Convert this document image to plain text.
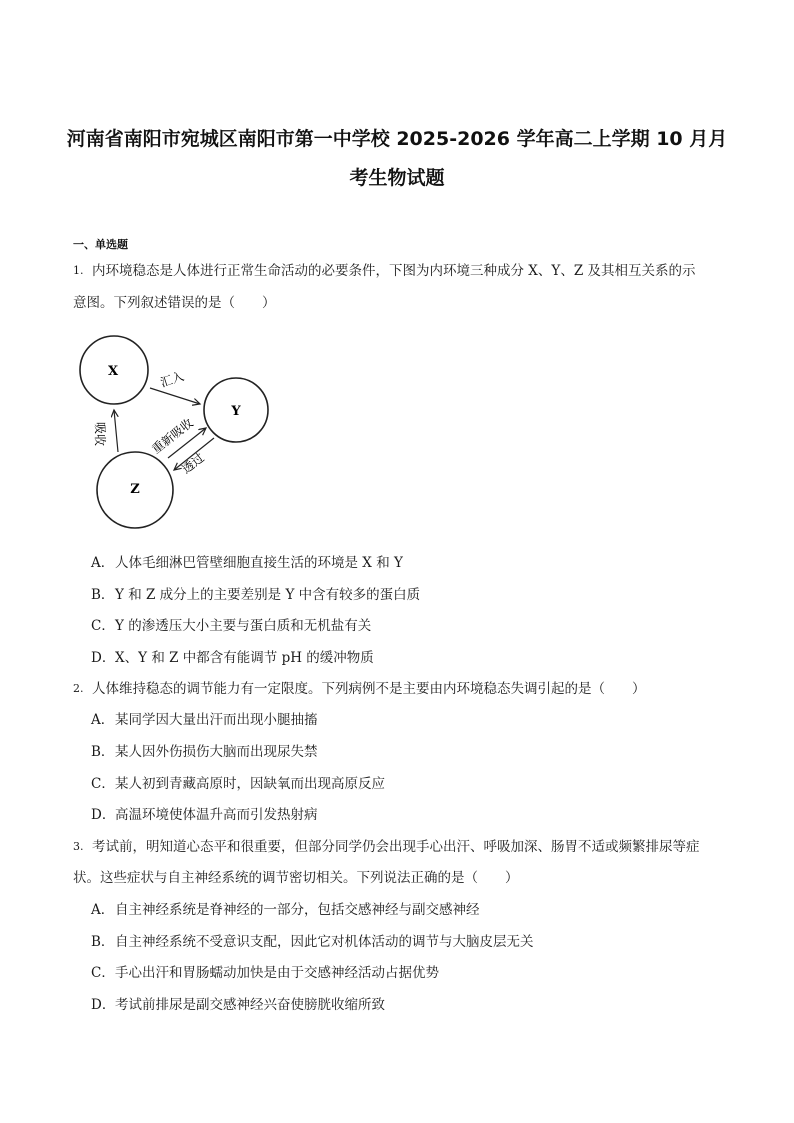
河南省南阳市宛城区南阳市第一中学校 2025-2026 学年高二上学期 10 月月
考生物试题
一、单选题
1. 内环境稳态是人体进行正常生命活动的必要条件，下图为内环境三种成分 X、Y、Z 及其相互关系的示
意图。下列叙述错误的是（　　）
X
Y
Z
汇入
吸收	重新吸收
透过
A．人体毛细淋巴管壁细胞直接生活的环境是 X 和 Y
B．Y 和 Z 成分上的主要差别是 Y 中含有较多的蛋白质
C．Y 的渗透压大小主要与蛋白质和无机盐有关
D．X、Y 和 Z 中都含有能调节 pH 的缓冲物质
2. 人体维持稳态的调节能力有一定限度。下列病例不是主要由内环境稳态失调引起的是（　　）
A．某同学因大量出汗而出现小腿抽搐
B．某人因外伤损伤大脑而出现尿失禁
C．某人初到青藏高原时，因缺氧而出现高原反应
D．高温环境使体温升高而引发热射病
3. 考试前，明知道心态平和很重要，但部分同学仍会出现手心出汗、呼吸加深、肠胃不适或频繁排尿等症
状。这些症状与自主神经系统的调节密切相关。下列说法正确的是（　　）
A．自主神经系统是脊神经的一部分，包括交感神经与副交感神经
B．自主神经系统不受意识支配，因此它对机体活动的调节与大脑皮层无关
C．手心出汗和胃肠蠕动加快是由于交感神经活动占据优势
D．考试前排尿是副交感神经兴奋使膀胱收缩所致
